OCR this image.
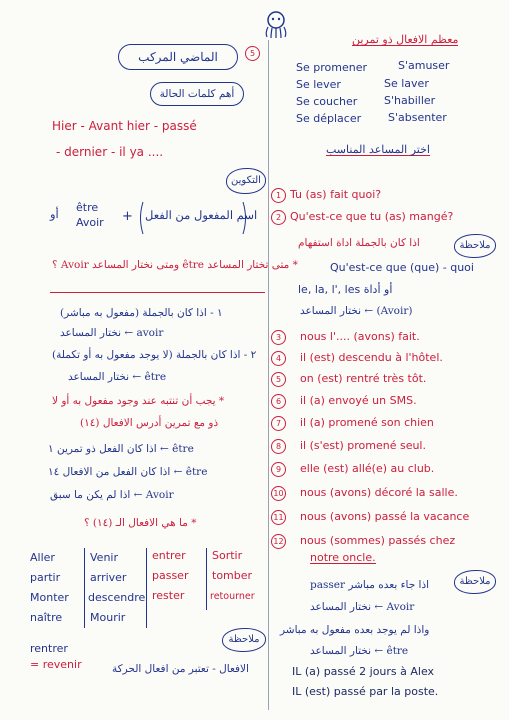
5
الماضي المركب
أهم كلمات الحالة
Hier - Avant hier - passé
- dernier - il ya ....
التكوين
être
Avoir
أو	+ اسم المفعول من الفعل
* متى تختار المساعد être ومتى نختار المساعد Avoir ؟
١ - اذا كان بالجملة (مفعول به مباشر)
avoir ← نختار المساعد
٢ - اذا كان بالجملة (لا يوجد مفعول به أو تكملة)
être ← نختار المساعد
* يجب أن تنتبه عند وجود مفعول به أو لا
ذو مع تمرين أدرس الافعال (١٤)
être ← اذا كان الفعل ذو تمرين ١
être ← اذا كان الفعل من الافعال ١٤
Avoir ← اذا لم يكن ما سبق
* ما هي الافعال الـ (١٤) ؟
Aller	Venir	entrer Sortir
partir	arriver passer tomber
Monter descendre rester	retourner
naître	Mourir
rentrer
= revenir
ملاحظة
الافعال - تعتبر من افعال الحركة
معظم الافعال ذو تمرين
Se promener	S'amuser
Se lever	Se laver
Se coucher S'habiller
Se déplacer S'absenter
اختر المساعد المناسب
1 Tu (as) fait quoi?
2 Qu'est-ce que tu (as) mangé?
ملاحظة
اذا كان بالجملة اداة استفهام
Qu'est-ce que (que) - quoi
le, la, l', les أو أداة
(Avoir) ← نختار المساعد
3	nous l'.... (avons) fait.
4	il (est) descendu à l'hôtel.
5	on (est) rentré très tôt.
6	il (a) envoyé un SMS.
7	il (a) promené son chien
8	il (s'est) promené seul.
9	elle (est) allé(e) au club.
10 nous (avons) décoré la salle.
11 nous (avons) passé la vacance
12 nous (sommes) passés chez
notre oncle.
ملاحظة
اذا جاء بعده مباشر passer
Avoir ← نختار المساعد
واذا لم يوجد بعده مفعول به مباشر
être ← نختار المساعد
IL (a) passé 2 jours à Alex
IL (est) passé par la poste.
